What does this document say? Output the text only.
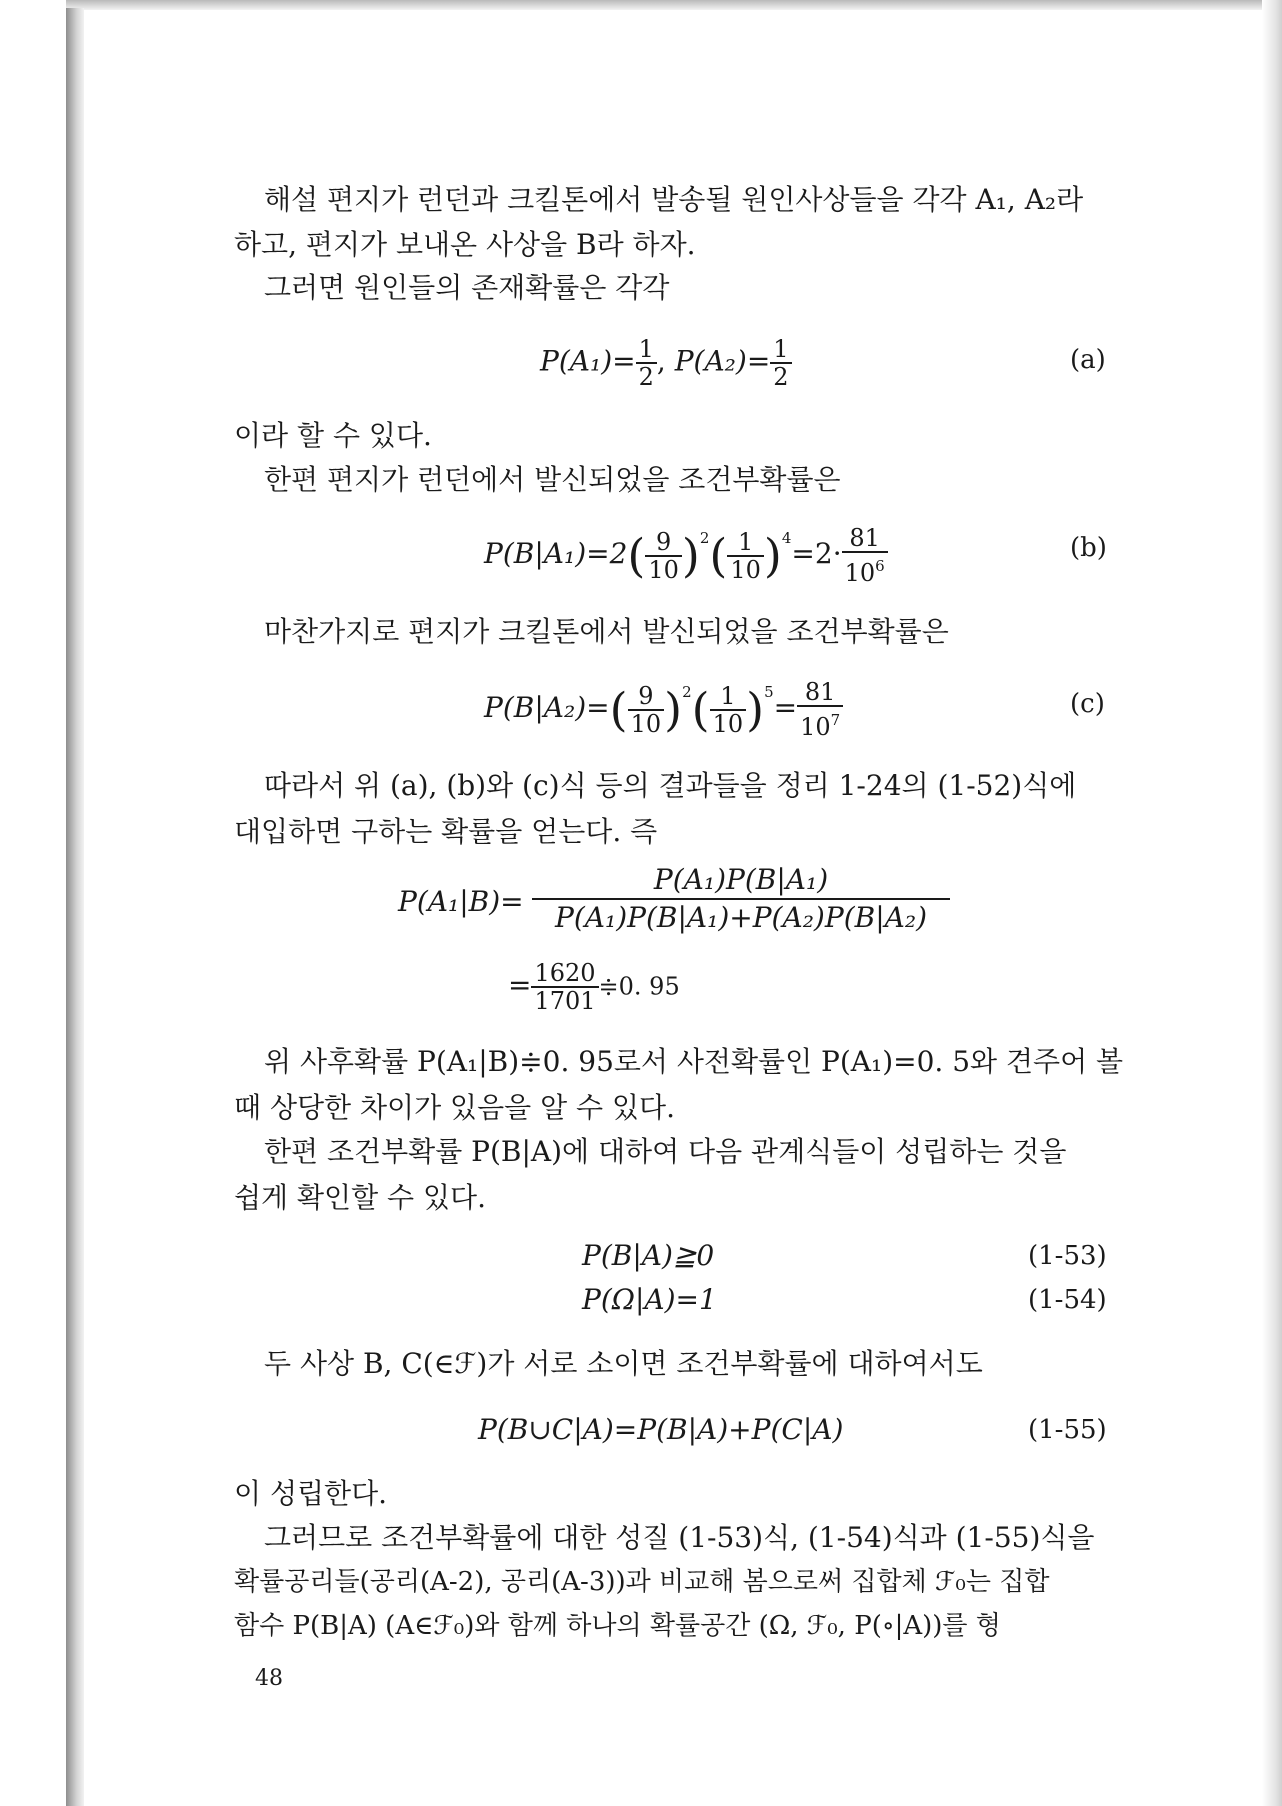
해설 편지가 런던과 크킬톤에서 발송될 원인사상들을 각각 A₁, A₂라
하고, 편지가 보내온 사상을 B라 하자.
그러면 원인들의 존재확률은 각각
$P(A_1)= \frac{1}{2}$ , $P(A_2)= \frac{1}{2}$	(a)
이라 할 수 있다.
한편 편지가 런던에서 발신되었을 조건부확률은
$P(B|A_1)=2( \frac{9}{10} )^2( \frac{1}{10} )^4=2\cdot \frac{81}{10^6}$	(b)
마찬가지로 편지가 크킬톤에서 발신되었을 조건부확률은
$P(B|A_2)=( \frac{9}{10} )^2( \frac{1}{10} )^5= \frac{81}{10^7}$	(c)
따라서 위 (a), (b)와 (c)식 등의 결과들을 정리 1-24의 (1-52)식에
대입하면 구하는 확률을 얻는다. 즉
$P(A_1|B)= \frac{\text{P(A₁)P(B|A₁)}}{\text{P(A₁)P(B|A₁)+P(A₂)P(B|A₂)}}$
= $\frac{1620}{1701}$ ≑0. 95
위 사후확률 P(A₁|B)≑0. 95로서 사전확률인 P(A₁)=0. 5와 견주어 볼
때 상당한 차이가 있음을 알 수 있다.
한편 조건부확률 P(B|A)에 대하여 다음 관계식들이 성립하는 것을
쉽게 확인할 수 있다.
P(B|A)≧0	(1-53)
P(Ω|A)=1	(1-54)
두 사상 B, C(∈ℱ)가 서로 소이면 조건부확률에 대하여서도
P(B∪C|A)=P(B|A)+P(C|A)	(1-55)
이 성립한다.
그러므로 조건부확률에 대한 성질 (1-53)식, (1-54)식과 (1-55)식을
확률공리들(공리(A-2), 공리(A-3))과 비교해 봄으로써 집합체 ℱ₀는 집합
함수 P(B|A) (A∈ℱ₀)와 함께 하나의 확률공간 (Ω, ℱ₀, P(∘|A))를 형
48
